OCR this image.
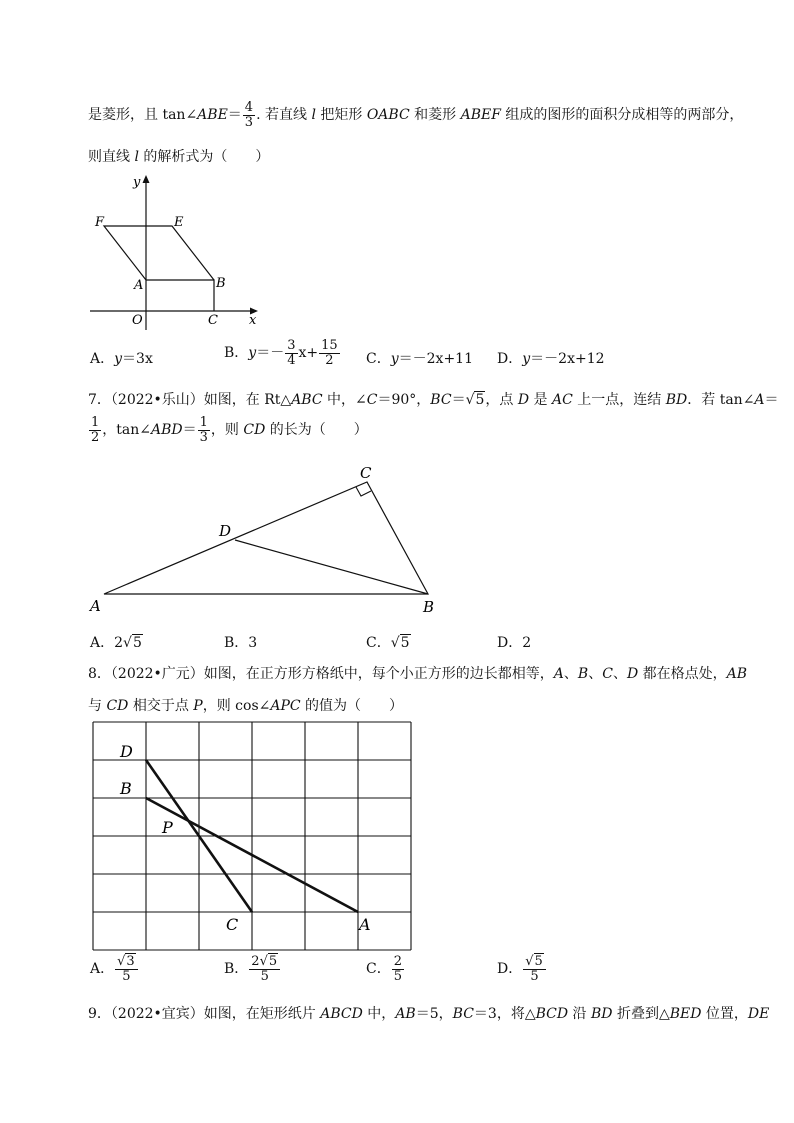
是菱形，且 tan∠ABE＝ $\frac{4}{3}$ . 若直线 l 把矩形 OABC 和菱形 ABEF 组成的图形的面积分成相等的两部分，
则直线 l 的解析式为（　　）
y
x
O
A	B
C
E
F
A．y＝3x	B．$y=- \frac{3}{4} x+ \frac{15}{2}$ C．y＝－2x+11 D．y＝－2x+12
7．（2022•乐山）如图，在 Rt△ABC 中，∠C＝90°，BC＝√5，点 D 是 AC 上一点，连结 BD．若 tan∠A＝
$\frac{1}{2}$ ，tan∠ABD＝ $\frac{1}{3}$ ，则 CD 的长为（　　）
A	B
C
D
A．2√5	B．3	C．√5	D．2
8．（2022•广元）如图，在正方形方格纸中，每个小正方形的边长都相等，A、B、C、D 都在格点处，AB
与 CD 相交于点 P，则 cos∠APC 的值为（　　）
D
B
P
C	A
A． $\frac{√3}{5}$	B． $\frac{2√5}{5}$	C． $\frac{2}{5}$	D． $\frac{√5}{5}$
9．（2022•宜宾）如图，在矩形纸片 ABCD 中，AB＝5，BC＝3，将△BCD 沿 BD 折叠到△BED 位置，DE
